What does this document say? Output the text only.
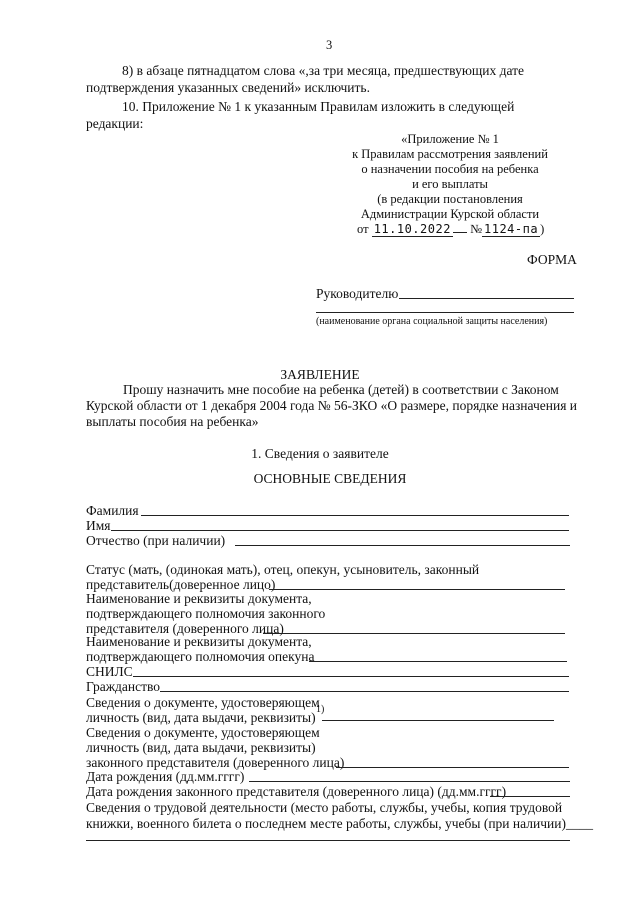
3
8) в абзаце пятнадцатом слова «,за три месяца, предшествующих дате
подтверждения указанных сведений» исключить.
10. Приложение № 1 к указанным Правилам изложить в следующей
редакции:
«Приложение № 1
к Правилам рассмотрения заявлений
о назначении пособия на ребенка
и его выплаты
(в редакции постановления
Администрации Курской области
от 11.10.2022 № 1124-па )
ФОРМА
Руководителю
(наименование органа социальной защиты населения)
ЗАЯВЛЕНИЕ
Прошу назначить мне пособие на ребенка (детей) в соответствии с Законом
Курской области от 1 декабря 2004 года № 56-ЗКО «О размере, порядке назначения и
выплаты пособия на ребенка»
1. Сведения о заявителе
ОСНОВНЫЕ СВЕДЕНИЯ
Фамилия
Имя
Отчество (при наличии)
Статус (мать, (одинокая мать), отец, опекун, усыновитель, законный
представитель(доверенное лицо)
Наименование и реквизиты документа,
подтверждающего полномочия законного
представителя (доверенного лица)
Наименование и реквизиты документа,
подтверждающего полномочия опекуна
СНИЛС
Гражданство
Сведения о документе, удостоверяющем
личность (вид, дата выдачи, реквизиты)
1)
Сведения о документе, удостоверяющем
личность (вид, дата выдачи, реквизиты)
законного представителя (доверенного лица)
Дата рождения (дд.мм.гггг)
Дата рождения законного представителя (доверенного лица) (дд.мм.гггг)
Сведения о трудовой деятельности (место работы, службы, учебы, копия трудовой
книжки, военного билета о последнем месте работы, службы, учебы (при наличии)____
